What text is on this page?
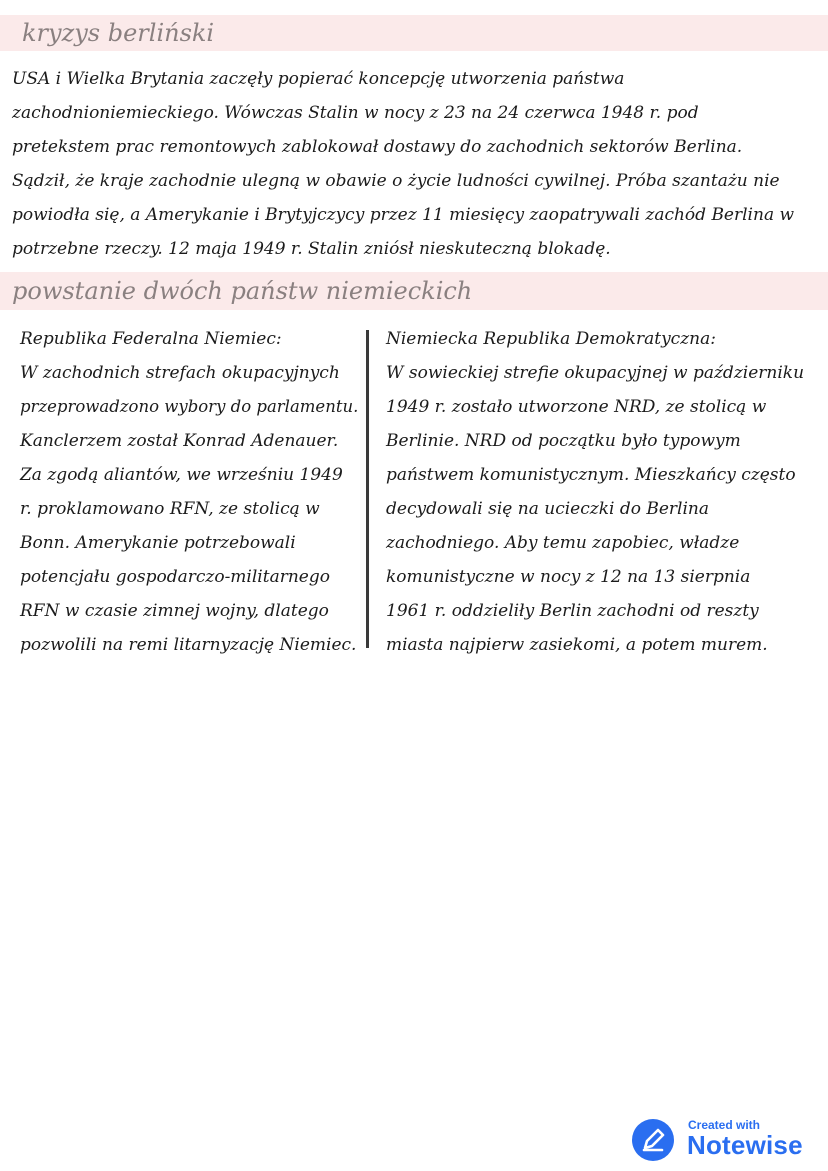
kryzys berliński
USA i Wielka Brytania zaczęły popierać koncepcję utworzenia państwa
zachodnioniemieckiego. Wówczas Stalin w nocy z 23 na 24 czerwca 1948 r. pod
pretekstem prac remontowych zablokował dostawy do zachodnich sektorów Berlina.
Sądził, że kraje zachodnie ulegną w obawie o życie ludności cywilnej. Próba szantażu nie
powiodła się, a Amerykanie i Brytyjczycy przez 11 miesięcy zaopatrywali zachód Berlina w
potrzebne rzeczy. 12 maja 1949 r. Stalin zniósł nieskuteczną blokadę.
powstanie dwóch państw niemieckich
Republika Federalna Niemiec:
W zachodnich strefach okupacyjnych
przeprowadzono wybory do parlamentu.
Kanclerzem został Konrad Adenauer.
Za zgodą aliantów, we wrześniu 1949
r. proklamowano RFN, ze stolicą w
Bonn. Amerykanie potrzebowali
potencjału gospodarczo-militarnego
RFN w czasie zimnej wojny, dlatego
pozwolili na remi litarnyzację Niemiec.
Niemiecka Republika Demokratyczna:
W sowieckiej strefie okupacyjnej w październiku
1949 r. zostało utworzone NRD, ze stolicą w
Berlinie. NRD od początku było typowym
państwem komunistycznym. Mieszkańcy często
decydowali się na ucieczki do Berlina
zachodniego. Aby temu zapobiec, władze
komunistyczne w nocy z 12 na 13 sierpnia
1961 r. oddzieliły Berlin zachodni od reszty
miasta najpierw zasiekomi, a potem murem.
Created with
Notewise
